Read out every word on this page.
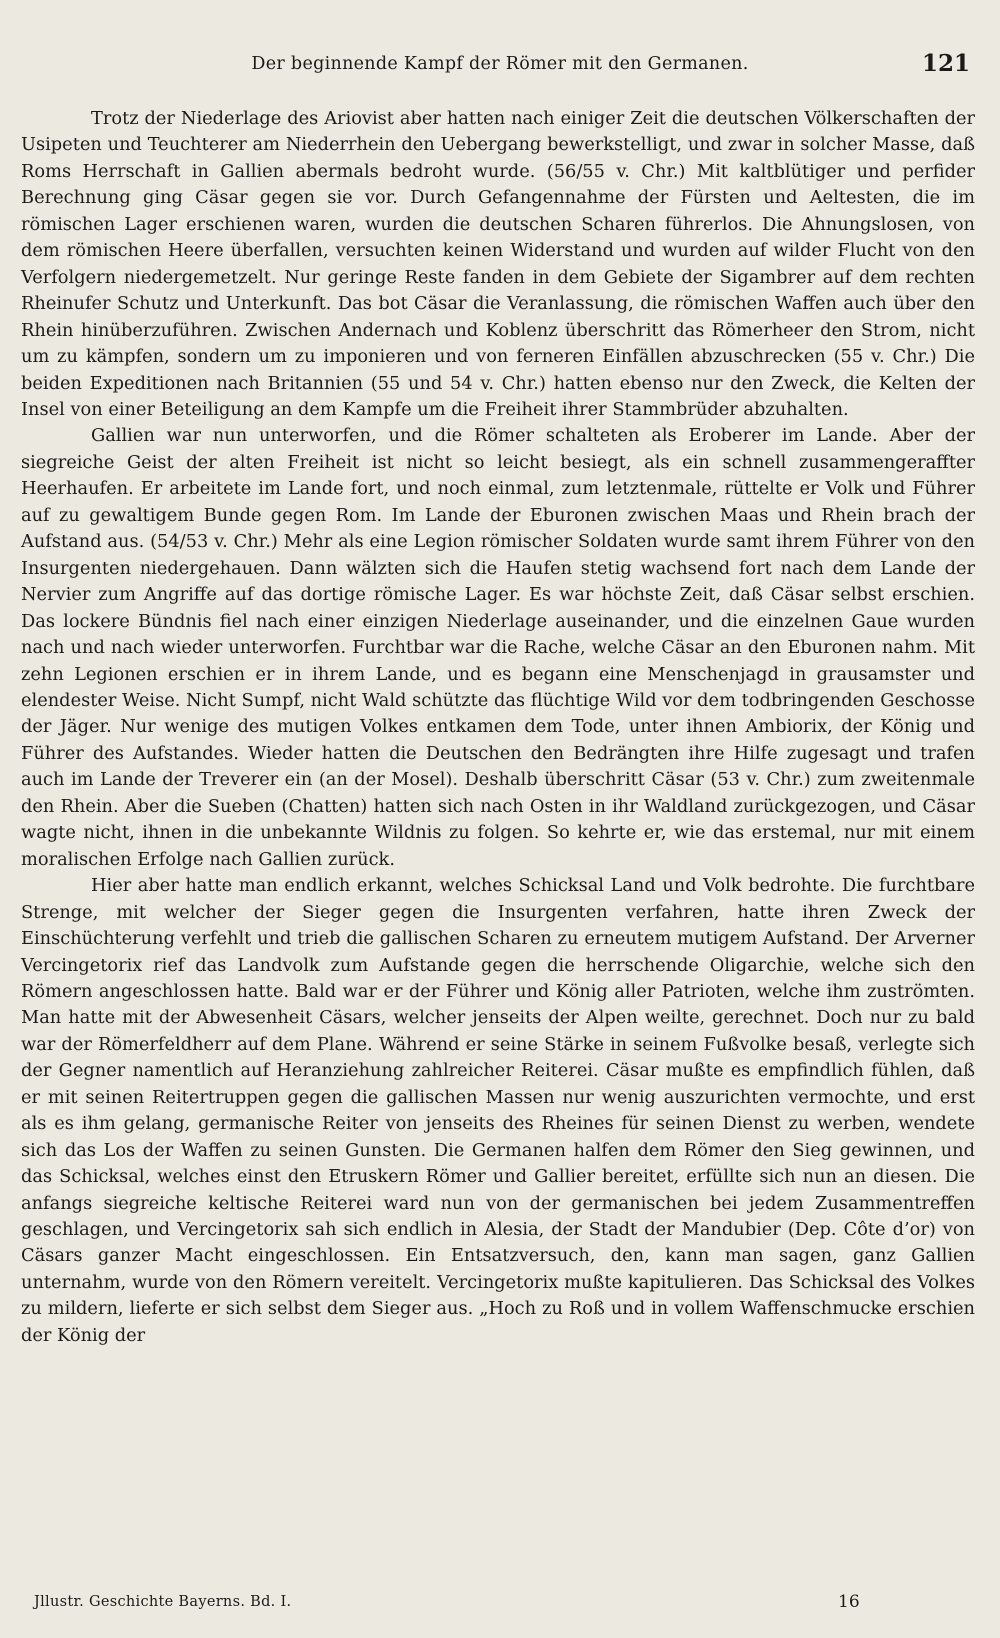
Der beginnende Kampf der Römer mit den Germanen.	121

Trotz der Niederlage des Ariovist aber hatten nach einiger Zeit die deutschen Völkerschaften der Usipeten und Teuchterer am Niederrhein den Uebergang bewerkstelligt, und zwar in solcher Masse, daß Roms Herrschaft in Gallien abermals bedroht wurde. (56/55 v. Chr.) Mit kaltblütiger und perfider Berechnung ging Cäsar gegen sie vor. Durch Gefangennahme der Fürsten und Aeltesten, die im römischen Lager erschienen waren, wurden die deutschen Scharen führerlos. Die Ahnungslosen, von dem römischen Heere überfallen, versuchten keinen Widerstand und wurden auf wilder Flucht von den Verfolgern niedergemetzelt. Nur geringe Reste fanden in dem Gebiete der Sigambrer auf dem rechten Rheinufer Schutz und Unterkunft. Das bot Cäsar die Veranlassung, die römischen Waffen auch über den Rhein hinüberzuführen. Zwischen Andernach und Koblenz überschritt das Römerheer den Strom, nicht um zu kämpfen, sondern um zu imponieren und von ferneren Einfällen abzuschrecken (55 v. Chr.) Die beiden Expeditionen nach Britannien (55 und 54 v. Chr.) hatten ebenso nur den Zweck, die Kelten der Insel von einer Beteiligung an dem Kampfe um die Freiheit ihrer Stammbrüder abzuhalten.

Gallien war nun unterworfen, und die Römer schalteten als Eroberer im Lande. Aber der siegreiche Geist der alten Freiheit ist nicht so leicht besiegt, als ein schnell zusammengeraffter Heerhaufen. Er arbeitete im Lande fort, und noch einmal, zum letztenmale, rüttelte er Volk und Führer auf zu gewaltigem Bunde gegen Rom. Im Lande der Eburonen zwischen Maas und Rhein brach der Aufstand aus. (54/53 v. Chr.) Mehr als eine Legion römischer Soldaten wurde samt ihrem Führer von den Insurgenten niedergehauen. Dann wälzten sich die Haufen stetig wachsend fort nach dem Lande der Nervier zum Angriffe auf das dortige römische Lager. Es war höchste Zeit, daß Cäsar selbst erschien. Das lockere Bündnis fiel nach einer einzigen Niederlage auseinander, und die einzelnen Gaue wurden nach und nach wieder unterworfen. Furchtbar war die Rache, welche Cäsar an den Eburonen nahm. Mit zehn Legionen erschien er in ihrem Lande, und es begann eine Menschenjagd in grausamster und elendester Weise. Nicht Sumpf, nicht Wald schützte das flüchtige Wild vor dem todbringenden Geschosse der Jäger. Nur wenige des mutigen Volkes entkamen dem Tode, unter ihnen Ambiorix, der König und Führer des Aufstandes. Wieder hatten die Deutschen den Bedrängten ihre Hilfe zugesagt und trafen auch im Lande der Treverer ein (an der Mosel). Deshalb überschritt Cäsar (53 v. Chr.) zum zweitenmale den Rhein. Aber die Sueben (Chatten) hatten sich nach Osten in ihr Waldland zurückgezogen, und Cäsar wagte nicht, ihnen in die unbekannte Wildnis zu folgen. So kehrte er, wie das erstemal, nur mit einem moralischen Erfolge nach Gallien zurück.

Hier aber hatte man endlich erkannt, welches Schicksal Land und Volk bedrohte. Die furchtbare Strenge, mit welcher der Sieger gegen die Insurgenten verfahren, hatte ihren Zweck der Einschüchterung verfehlt und trieb die gallischen Scharen zu erneutem mutigem Aufstand. Der Arverner Vercingetorix rief das Landvolk zum Aufstande gegen die herrschende Oligarchie, welche sich den Römern angeschlossen hatte. Bald war er der Führer und König aller Patrioten, welche ihm zuströmten. Man hatte mit der Abwesenheit Cäsars, welcher jenseits der Alpen weilte, gerechnet. Doch nur zu bald war der Römerfeldherr auf dem Plane. Während er seine Stärke in seinem Fußvolke besaß, verlegte sich der Gegner namentlich auf Heranziehung zahlreicher Reiterei. Cäsar mußte es empfindlich fühlen, daß er mit seinen Reitertruppen gegen die gallischen Massen nur wenig auszurichten vermochte, und erst als es ihm gelang, germanische Reiter von jenseits des Rheines für seinen Dienst zu werben, wendete sich das Los der Waffen zu seinen Gunsten. Die Germanen halfen dem Römer den Sieg gewinnen, und das Schicksal, welches einst den Etruskern Römer und Gallier bereitet, erfüllte sich nun an diesen. Die anfangs siegreiche keltische Reiterei ward nun von der germanischen bei jedem Zusammentreffen geschlagen, und Vercingetorix sah sich endlich in Alesia, der Stadt der Mandubier (Dep. Côte d’or) von Cäsars ganzer Macht eingeschlossen. Ein Entsatzversuch, den, kann man sagen, ganz Gallien unternahm, wurde von den Römern vereitelt. Vercingetorix mußte kapitulieren. Das Schicksal des Volkes zu mildern, lieferte er sich selbst dem Sieger aus. „Hoch zu Roß und in vollem Waffenschmucke erschien der König der

Jllustr. Geschichte Bayerns. Bd. I.	16
